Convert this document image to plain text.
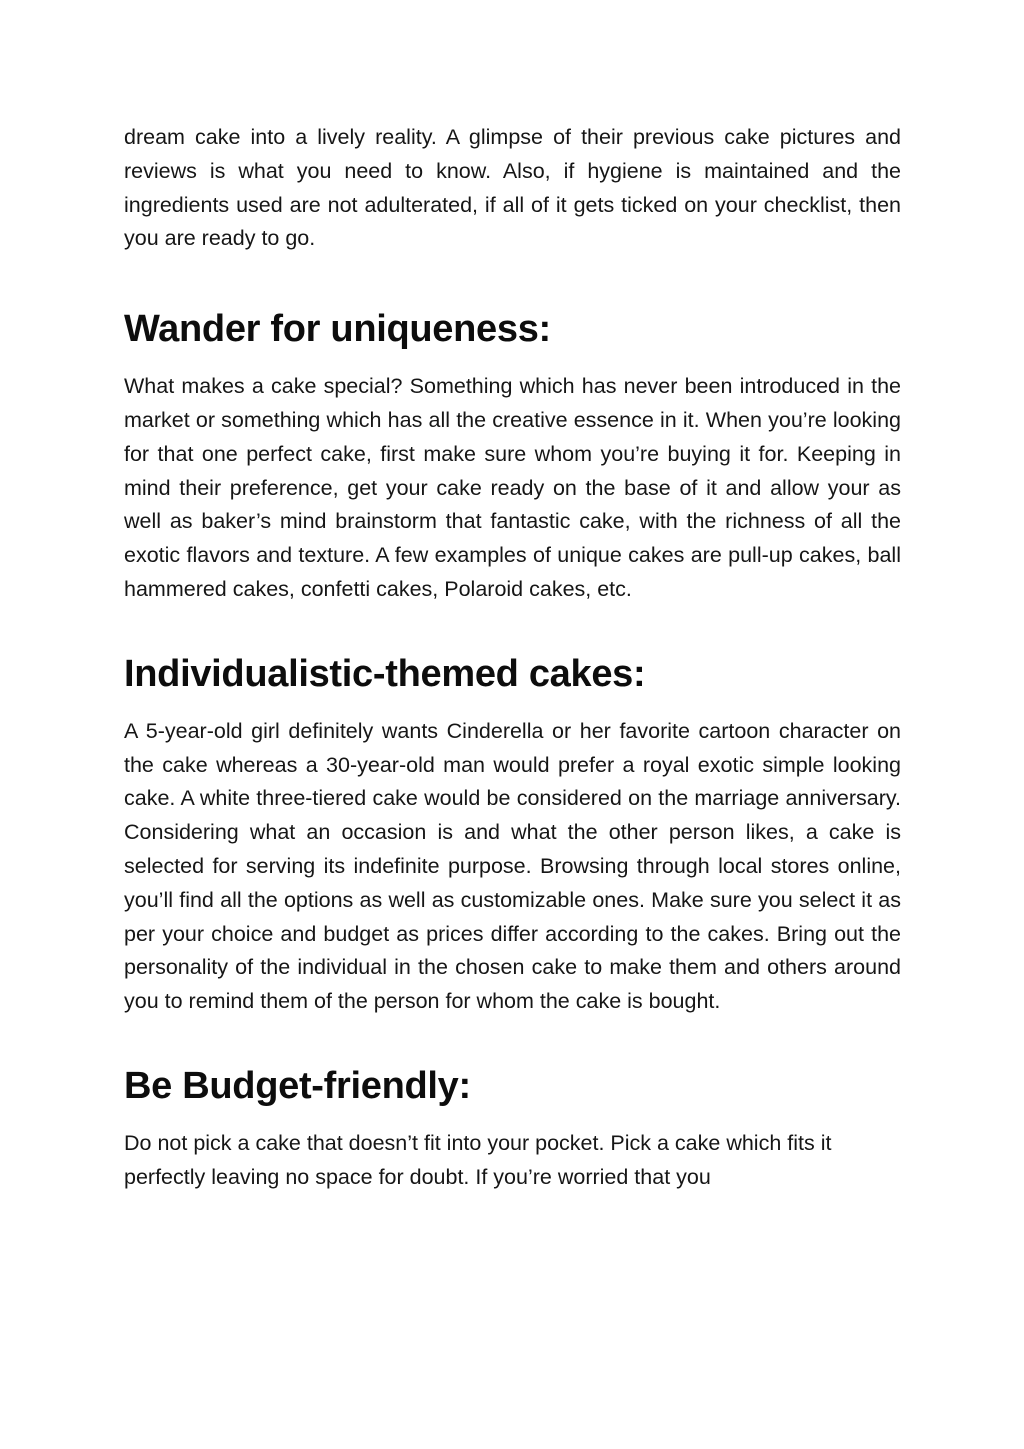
dream cake into a lively reality. A glimpse of their previous cake pictures and reviews is what you need to know. Also, if hygiene is maintained and the ingredients used are not adulterated, if all of it gets ticked on your checklist, then you are ready to go.

Wander for uniqueness:

What makes a cake special? Something which has never been introduced in the market or something which has all the creative essence in it. When you’re looking for that one perfect cake, first make sure whom you’re buying it for. Keeping in mind their preference, get your cake ready on the base of it and allow your as well as baker’s mind brainstorm that fantastic cake, with the richness of all the exotic flavors and texture. A few examples of unique cakes are pull-up cakes, ball hammered cakes, confetti cakes, Polaroid cakes, etc.

Individualistic-themed cakes:

A 5-year-old girl definitely wants Cinderella or her favorite cartoon character on the cake whereas a 30-year-old man would prefer a royal exotic simple looking cake. A white three-tiered cake would be considered on the marriage anniversary. Considering what an occasion is and what the other person likes, a cake is selected for serving its indefinite purpose. Browsing through local stores online, you’ll find all the options as well as customizable ones. Make sure you select it as per your choice and budget as prices differ according to the cakes. Bring out the personality of the individual in the chosen cake to make them and others around you to remind them of the person for whom the cake is bought.

Be Budget-friendly:

Do not pick a cake that doesn’t fit into your pocket. Pick a cake which fits it perfectly leaving no space for doubt. If you’re worried that you
